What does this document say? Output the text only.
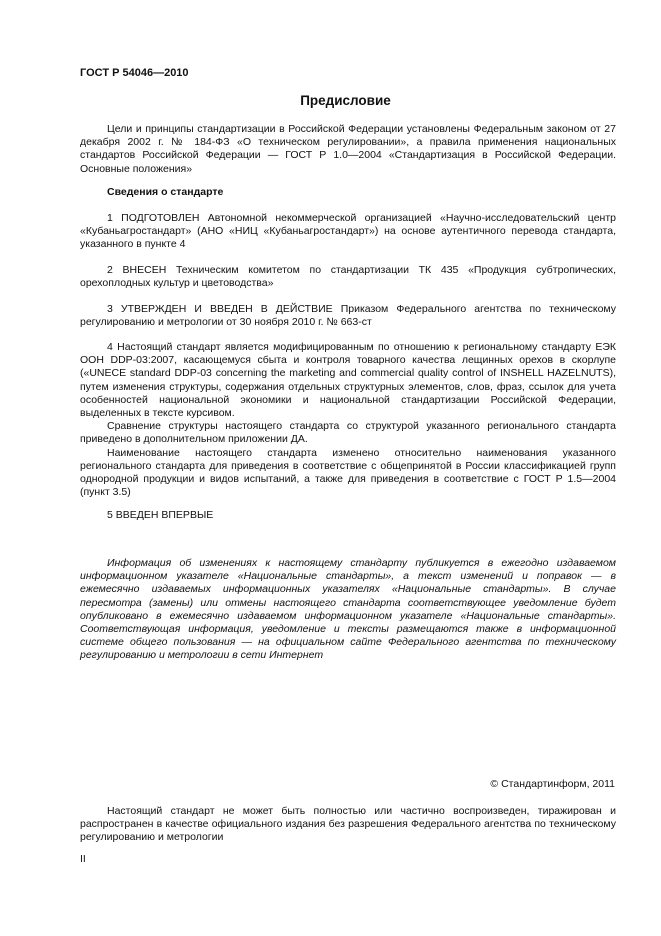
ГОСТ Р 54046—2010
Предисловие

Цели и принципы стандартизации в Российской Федерации установлены Федеральным законом от 27 декабря 2002 г. № 184-ФЗ «О техническом регулировании», а правила применения национальных стандартов Российской Федерации — ГОСТ Р 1.0—2004 «Стандартизация в Российской Федерации. Основные положения»

Сведения о стандарте

1 ПОДГОТОВЛЕН Автономной некоммерческой организацией «Научно-исследовательский центр «Кубаньагростандарт» (АНО «НИЦ «Кубаньагростандарт») на основе аутентичного перевода стандарта, указанного в пункте 4

2 ВНЕСЕН Техническим комитетом по стандартизации ТК 435 «Продукция субтропических, орехоплодных культур и цветоводства»

3 УТВЕРЖДЕН И ВВЕДЕН В ДЕЙСТВИЕ Приказом Федерального агентства по техническому регулированию и метрологии от 30 ноября 2010 г. № 663-ст

4 Настоящий стандарт является модифицированным по отношению к региональному стандарту ЕЭК ООН DDP-03:2007, касающемуся сбыта и контроля товарного качества лещинных орехов в скорлупе («UNECE standard DDP-03 concerning the marketing and commercial quality control of INSHELL HAZELNUTS), путем изменения структуры, содержания отдельных структурных элементов, слов, фраз, ссылок для учета особенностей национальной экономики и национальной стандартизации Российской Федерации, выделенных в тексте курсивом.

Сравнение структуры настоящего стандарта со структурой указанного регионального стандарта приведено в дополнительном приложении ДА.

Наименование настоящего стандарта изменено относительно наименования указанного регионального стандарта для приведения в соответствие с общепринятой в России классификацией групп однородной продукции и видов испытаний, а также для приведения в соответствие с ГОСТ Р 1.5—2004 (пункт 3.5)

5 ВВЕДЕН ВПЕРВЫЕ

Информация об изменениях к настоящему стандарту публикуется в ежегодно издаваемом информационном указателе «Национальные стандарты», а текст изменений и поправок — в ежемесячно издаваемых информационных указателях «Национальные стандарты». В случае пересмотра (замены) или отмены настоящего стандарта соответствующее уведомление будет опубликовано в ежемесячно издаваемом информационном указателе «Национальные стандарты». Соответствующая информация, уведомление и тексты размещаются также в информационной системе общего пользования — на официальном сайте Федерального агентства по техническому регулированию и метрологии в сети Интернет

© Стандартинформ, 2011

Настоящий стандарт не может быть полностью или частично воспроизведен, тиражирован и распространен в качестве официального издания без разрешения Федерального агентства по техническому регулированию и метрологии

II
